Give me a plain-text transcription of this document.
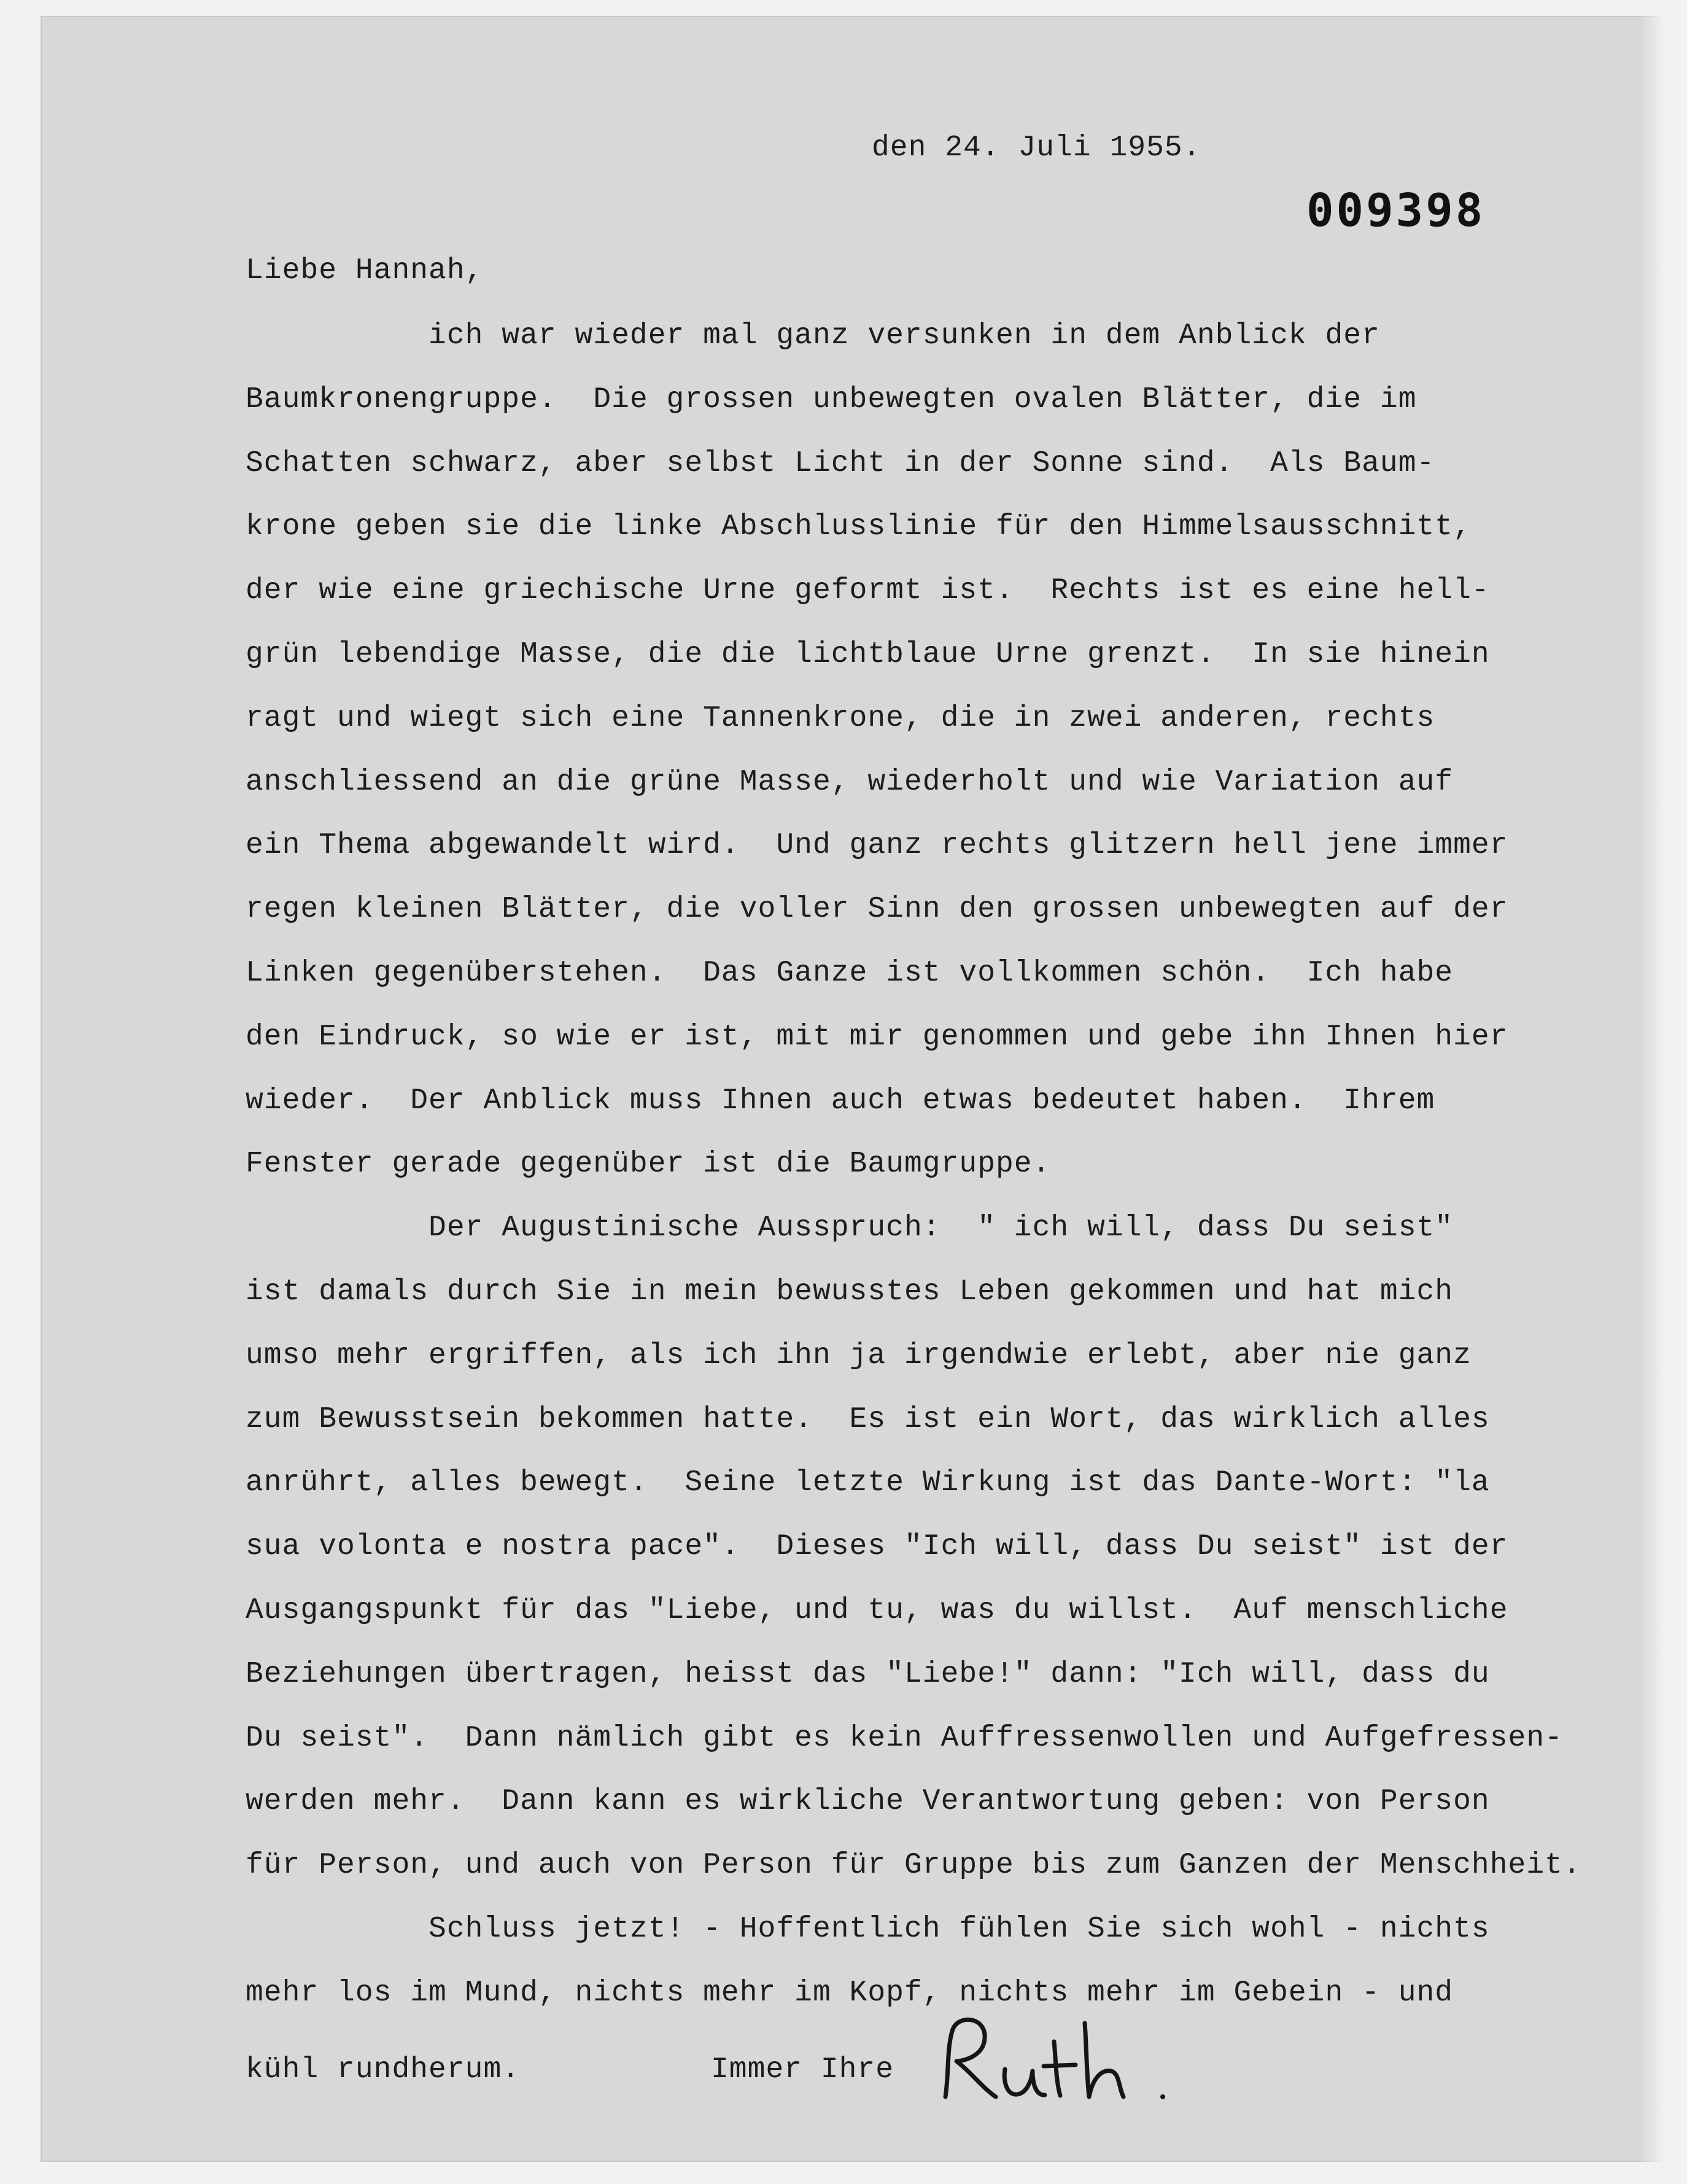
den 24. Juli 1955.

009398

Liebe Hannah,

ich war wieder mal ganz versunken in dem Anblick der
Baumkronengruppe.  Die grossen unbewegten ovalen Blätter, die im
Schatten schwarz, aber selbst Licht in der Sonne sind.  Als Baum-
krone geben sie die linke Abschlusslinie für den Himmelsausschnitt,
der wie eine griechische Urne geformt ist.  Rechts ist es eine hell-
grün lebendige Masse, die die lichtblaue Urne grenzt.  In sie hinein
ragt und wiegt sich eine Tannenkrone, die in zwei anderen, rechts
anschliessend an die grüne Masse, wiederholt und wie Variation auf
ein Thema abgewandelt wird.  Und ganz rechts glitzern hell jene immer
regen kleinen Blätter, die voller Sinn den grossen unbewegten auf der
Linken gegenüberstehen.  Das Ganze ist vollkommen schön.  Ich habe
den Eindruck, so wie er ist, mit mir genommen und gebe ihn Ihnen hier
wieder.  Der Anblick muss Ihnen auch etwas bedeutet haben.  Ihrem
Fenster gerade gegenüber ist die Baumgruppe.
Der Augustinische Ausspruch:  " ich will, dass Du seist"
ist damals durch Sie in mein bewusstes Leben gekommen und hat mich
umso mehr ergriffen, als ich ihn ja irgendwie erlebt, aber nie ganz
zum Bewusstsein bekommen hatte.  Es ist ein Wort, das wirklich alles
anrührt, alles bewegt.  Seine letzte Wirkung ist das Dante-Wort: "la
sua volonta e nostra pace".  Dieses "Ich will, dass Du seist" ist der
Ausgangspunkt für das "Liebe, und tu, was du willst.  Auf menschliche
Beziehungen übertragen, heisst das "Liebe!" dann: "Ich will, dass du
Du seist".  Dann nämlich gibt es kein Auffressenwollen und Aufgefressen-
werden mehr.  Dann kann es wirkliche Verantwortung geben: von Person
für Person, und auch von Person für Gruppe bis zum Ganzen der Menschheit.
Schluss jetzt! - Hoffentlich fühlen Sie sich wohl - nichts
mehr los im Mund, nichts mehr im Kopf, nichts mehr im Gebein - und
kühl rundherum.	Immer Ihre
